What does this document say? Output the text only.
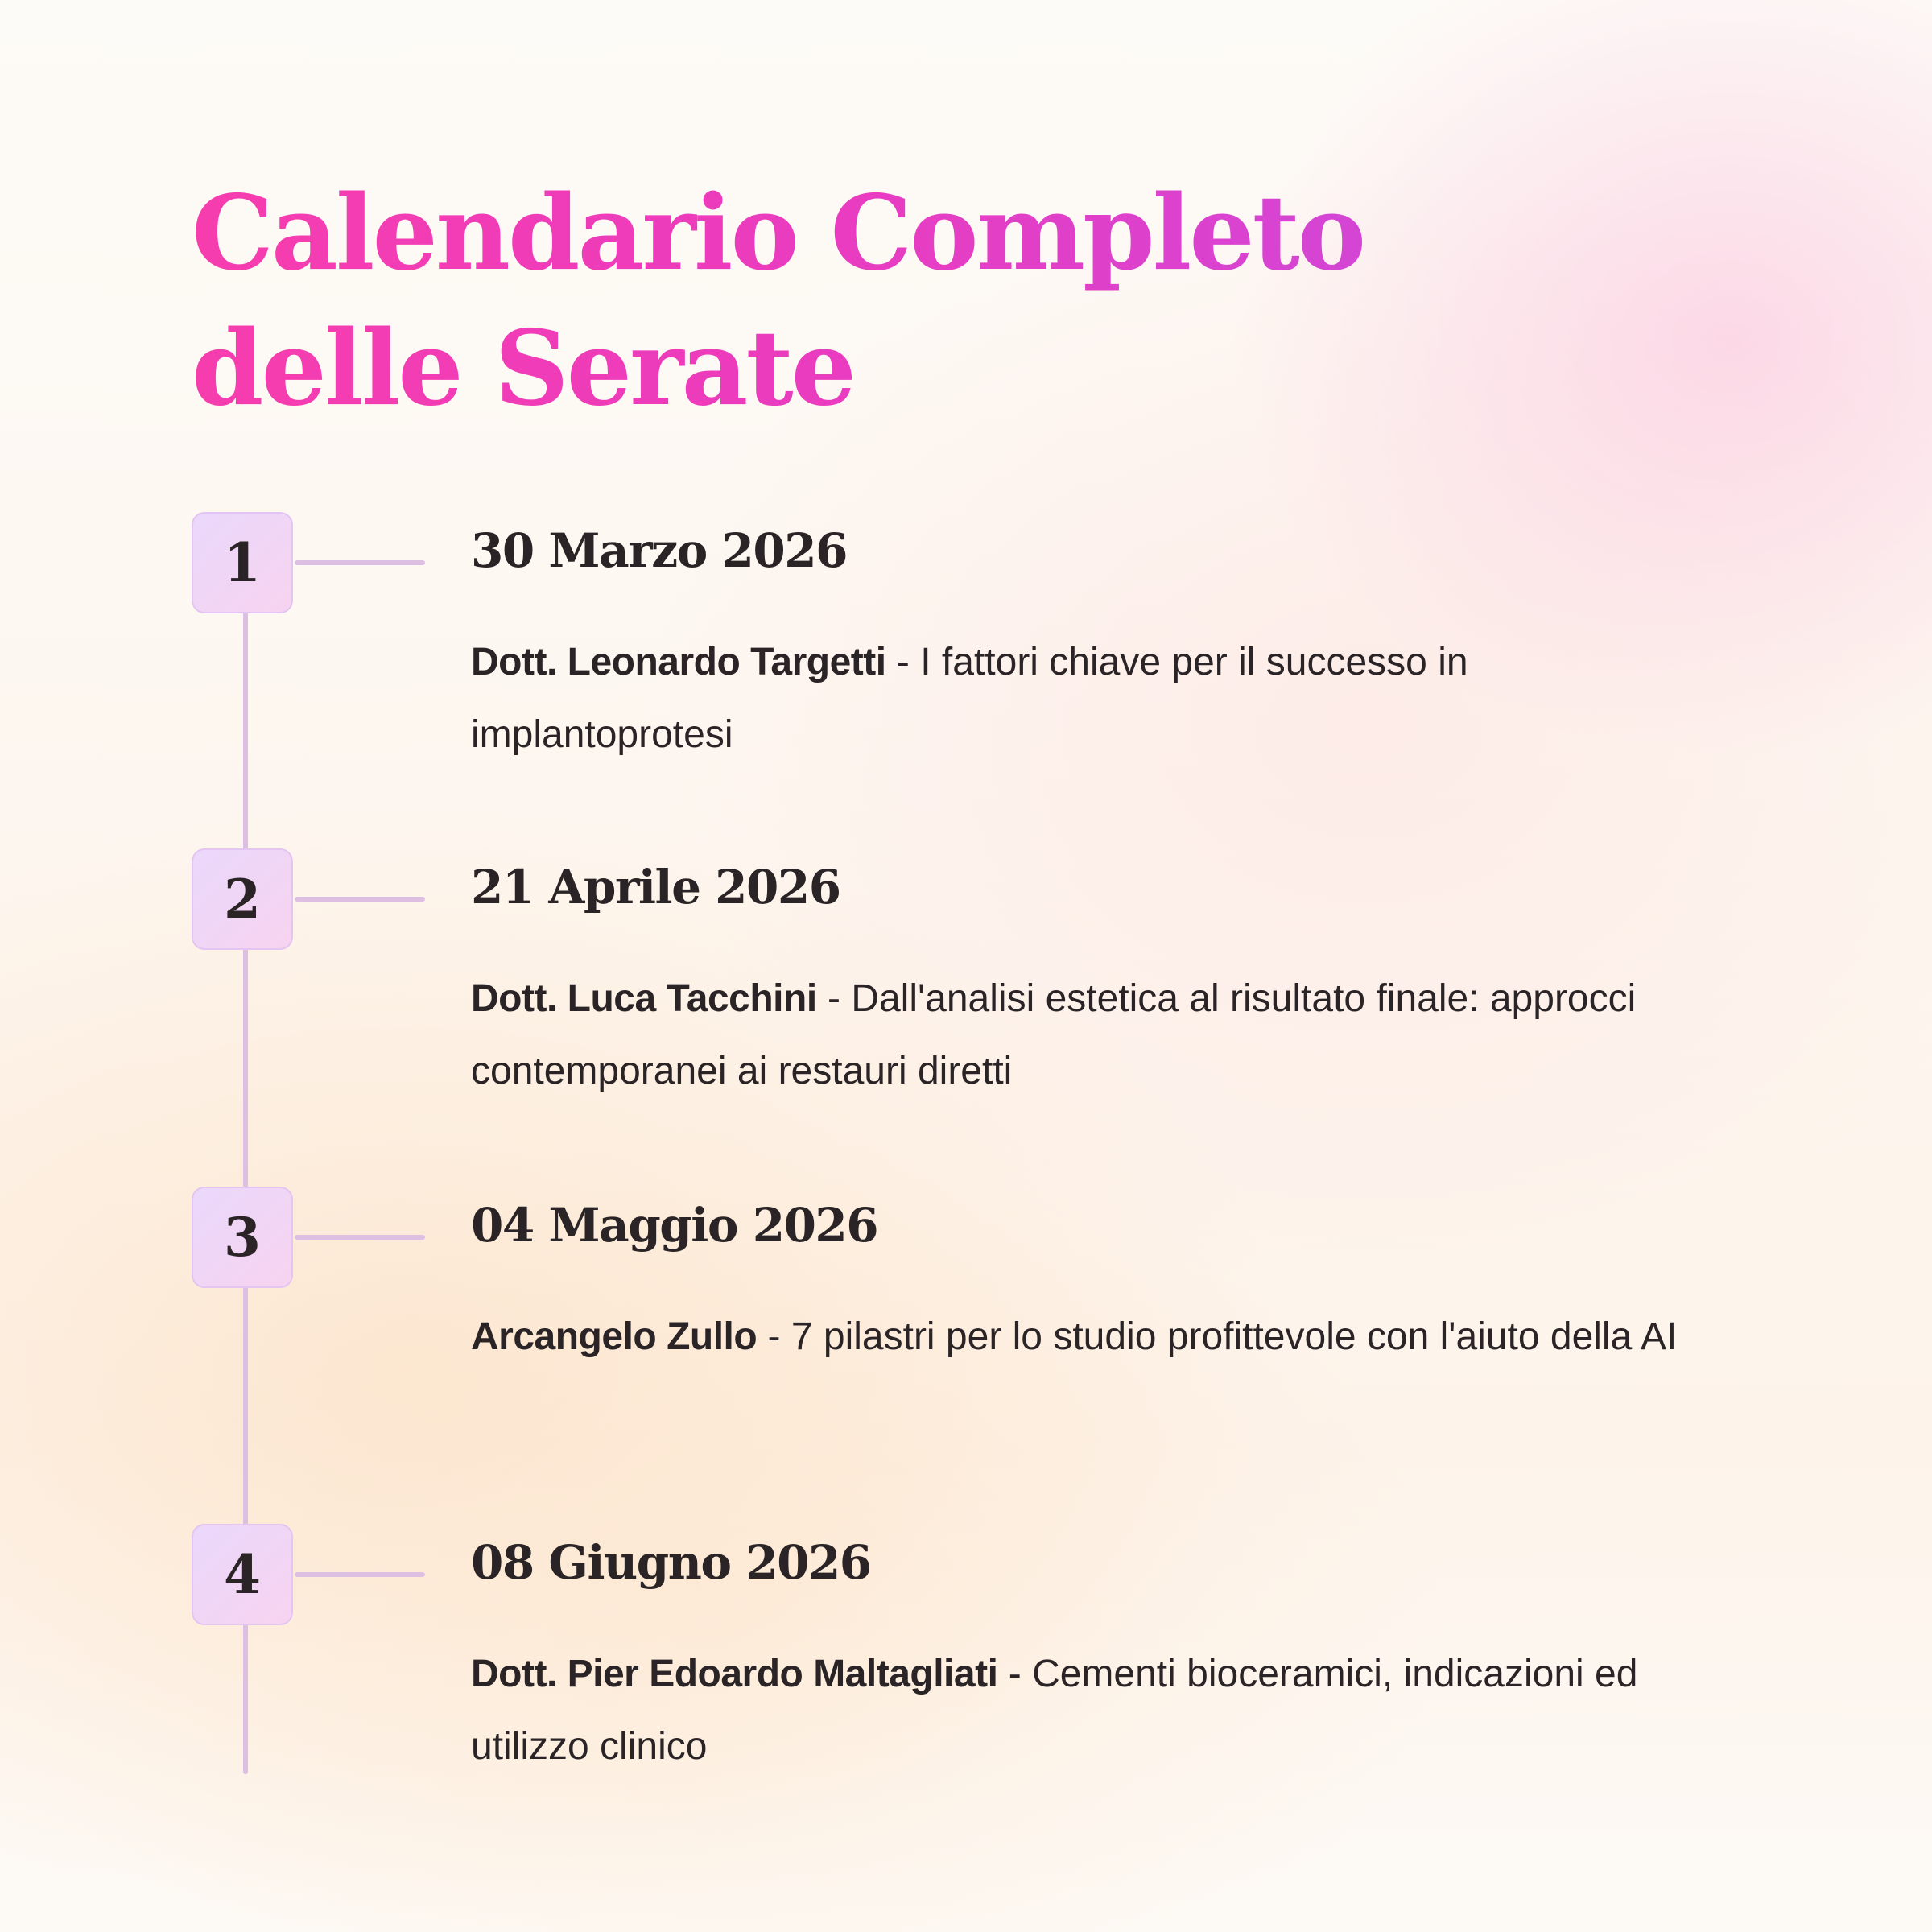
Calendario Completo delle Serate
1	30 Marzo 2026

Dott. Leonardo Targetti - I fattori chiave per il successo in implantoprotesi

2	21 Aprile 2026

Dott. Luca Tacchini - Dall'analisi estetica al risultato finale: approcci contemporanei ai restauri diretti

3	04 Maggio 2026

Arcangelo Zullo - 7 pilastri per lo studio profittevole con l'aiuto della AI

4	08 Giugno 2026

Dott. Pier Edoardo Maltagliati - Cementi bioceramici, indicazioni ed utilizzo clinico
